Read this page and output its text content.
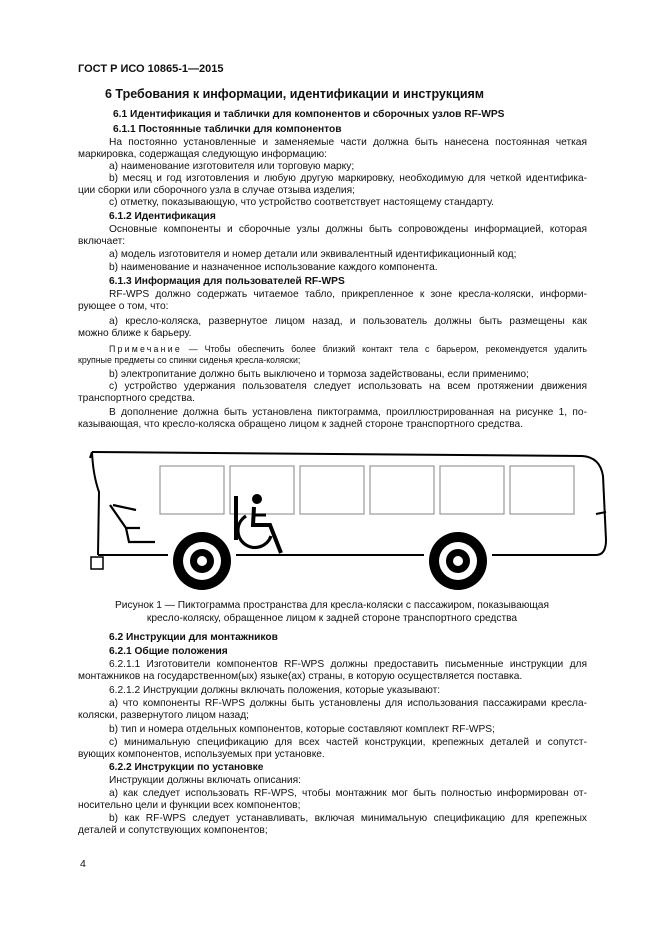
ГОСТ Р ИСО 10865-1—2015
6 Требования к информации, идентификации и инструкциям
6.1 Идентификация и таблички для компонентов и сборочных узлов RF-WPS
6.1.1 Постоянные таблички для компонентов
На постоянно установленные и заменяемые части должна быть нанесена постоянная четкая
маркировка, содержащая следующую информацию:
а) наименование изготовителя или торговую марку;
b) месяц и год изготовления и любую другую маркировку, необходимую для четкой идентифика-
ции сборки или сборочного узла в случае отзыва изделия;
с) отметку, показывающую, что устройство соответствует настоящему стандарту.
6.1.2 Идентификация
Основные компоненты и сборочные узлы должны быть сопровождены информацией, которая
включает:
а) модель изготовителя и номер детали или эквивалентный идентификационный код;
b) наименование и назначенное использование каждого компонента.
6.1.3 Информация для пользователей RF-WPS
RF-WPS должно содержать читаемое табло, прикрепленное к зоне кресла-коляски, информи-
рующее о том, что:
а) кресло-коляска, развернутое лицом назад, и пользователь должны быть размещены как
можно ближе к барьеру.
Примечание — Чтобы обеспечить более близкий контакт тела с барьером, рекомендуется удалить
крупные предметы со спинки сиденья кресла-коляски;
b) электропитание должно быть выключено и тормоза задействованы, если применимо;
с) устройство удержания пользователя следует использовать на всем протяжении движения
транспортного средства.
В дополнение должна быть установлена пиктограмма, проиллюстрированная на рисунке 1, по-
казывающая, что кресло-коляска обращено лицом к задней стороне транспортного средства.
Рисунок 1 — Пиктограмма пространства для кресла-коляски с пассажиром, показывающая
кресло-коляску, обращенное лицом к задней стороне транспортного средства
6.2 Инструкции для монтажников
6.2.1 Общие положения
6.2.1.1 Изготовители компонентов RF-WPS должны предоставить письменные инструкции для
монтажников на государственном(ых) языке(ах) страны, в которую осуществляется поставка.
6.2.1.2 Инструкции должны включать положения, которые указывают:
а) что компоненты RF-WPS должны быть установлены для использования пассажирами кресла-
коляски, развернутого лицом назад;
b) тип и номера отдельных компонентов, которые составляют комплект RF-WPS;
с) минимальную спецификацию для всех частей конструкции, крепежных деталей и сопутст-
вующих компонентов, используемых при установке.
6.2.2 Инструкции по установке
Инструкции должны включать описания:
а) как следует использовать RF-WPS, чтобы монтажник мог быть полностью информирован от-
носительно цели и функции всех компонентов;
b) как RF-WPS следует устанавливать, включая минимальную спецификацию для крепежных
деталей и сопутствующих компонентов;
4
